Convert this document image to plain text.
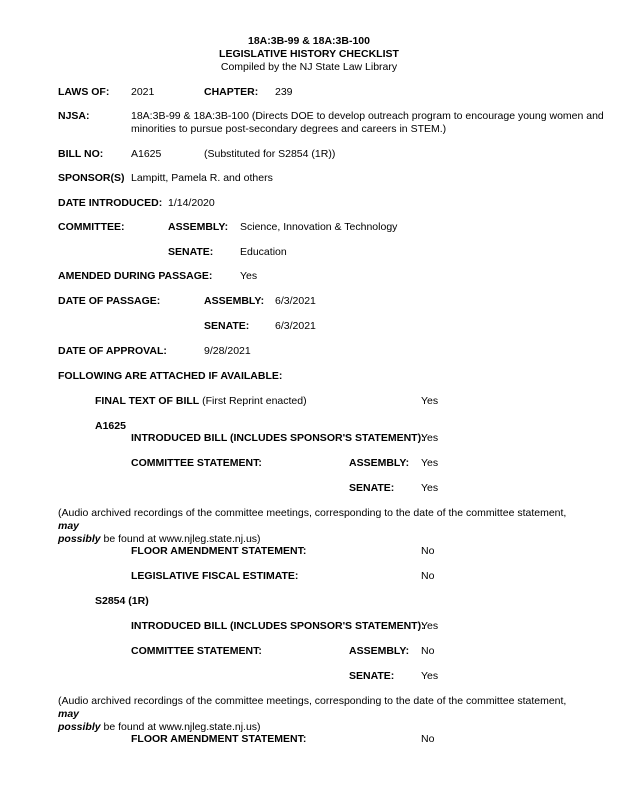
18A:3B-99 & 18A:3B-100
LEGISLATIVE HISTORY CHECKLIST
Compiled by the NJ State Law Library
LAWS OF: 2021	CHAPTER: 239
NJSA:	18A:3B-99 & 18A:3B-100 (Directs DOE to develop outreach program to encourage young women and
minorities to pursue post-secondary degrees and careers in STEM.)
BILL NO:	A1625	(Substituted for S2854 (1R))
SPONSOR(S) Lampitt, Pamela R. and others
DATE INTRODUCED: 1/14/2020
COMMITTEE:	ASSEMBLY: Science, Innovation & Technology
SENATE:	Education
AMENDED DURING PASSAGE:	Yes
DATE OF PASSAGE:	ASSEMBLY: 6/3/2021
SENATE: 6/3/2021
DATE OF APPROVAL:	9/28/2021
FOLLOWING ARE ATTACHED IF AVAILABLE:
FINAL TEXT OF BILL (First Reprint enacted)	Yes
A1625
INTRODUCED BILL (INCLUDES SPONSOR'S STATEMENT):
Yes
COMMITTEE STATEMENT:	ASSEMBLY: Yes
SENATE:	Yes
(Audio archived recordings of the committee meetings, corresponding to the date of the committee statement, may
possibly be found at www.njleg.state.nj.us)
FLOOR AMENDMENT STATEMENT:	No
LEGISLATIVE FISCAL ESTIMATE:	No
S2854 (1R)
INTRODUCED BILL (INCLUDES SPONSOR'S STATEMENT):
Yes
COMMITTEE STATEMENT:	ASSEMBLY: No
SENATE:	Yes
(Audio archived recordings of the committee meetings, corresponding to the date of the committee statement, may
possibly be found at www.njleg.state.nj.us)
FLOOR AMENDMENT STATEMENT:	No
